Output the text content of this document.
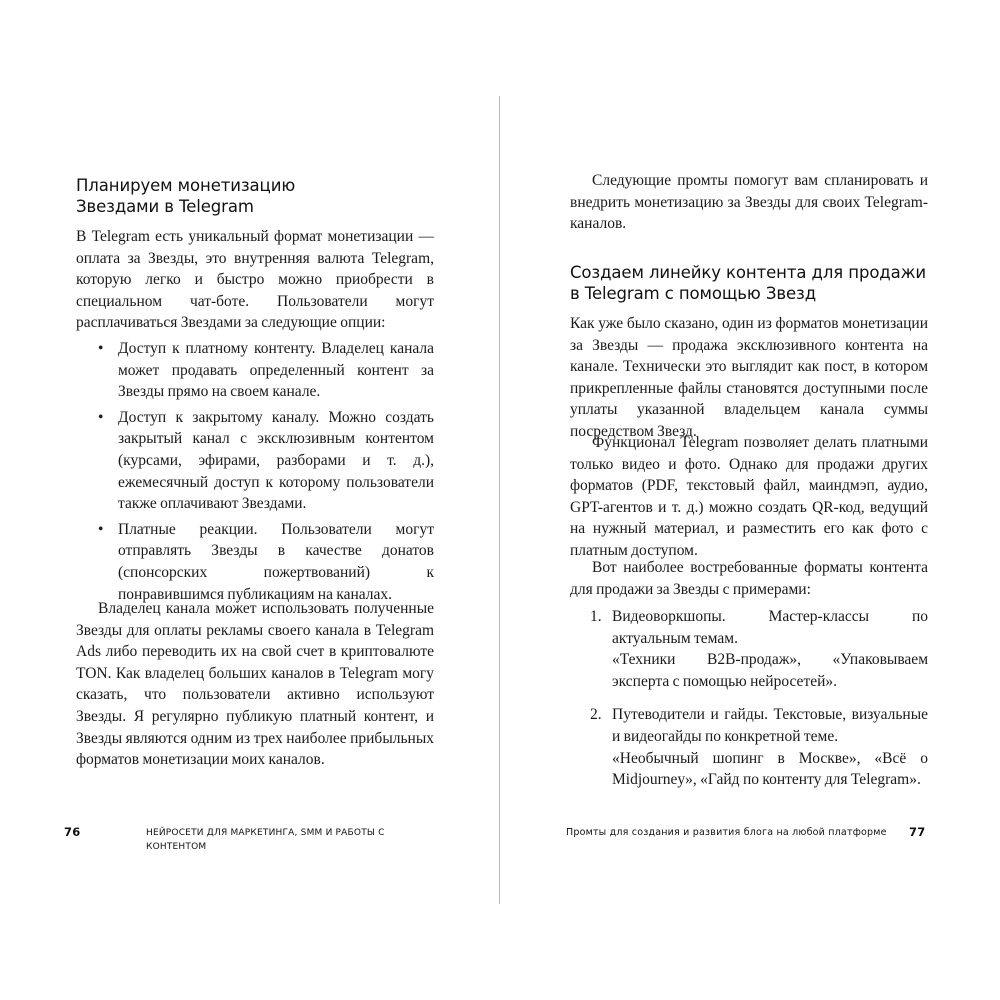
Планируем монетизацию
Звездами в Telegram

В Telegram есть уникальный формат монетизации — оплата за Звезды, это внутренняя валюта Telegram, которую легко и быстро можно приобрести в специальном чат-боте. Пользователи могут расплачиваться Звездами за следующие опции:

• Доступ к платному контенту. Владелец канала может продавать определенный контент за Звезды прямо на своем канале.
• Доступ к закрытому каналу. Можно создать закрытый канал с эксклюзивным контентом (курсами, эфирами, разборами и т. д.), ежемесячный доступ к которому пользователи также оплачивают Звездами.
• Платные реакции. Пользователи могут отправлять Звезды в качестве донатов (спонсорских пожертвований) к понравившимся публикациям на каналах.

Владелец канала может использовать полученные Звезды для оплаты рекламы своего канала в Telegram Ads либо переводить их на свой счет в криптовалюте TON. Как владелец больших каналов в Telegram могу сказать, что пользователи активно используют Звезды. Я регулярно публикую платный контент, и Звезды являются одним из трех наиболее прибыльных форматов монетизации моих каналов.

76	НЕЙРОСЕТИ ДЛЯ МАРКЕТИНГА, SMM И РАБОТЫ С КОНТЕНТОМ

Следующие промты помогут вам спланировать и внедрить монетизацию за Звезды для своих Telegram-каналов.

Создаем линейку контента для продажи
в Telegram с помощью Звезд

Как уже было сказано, один из форматов монетизации за Звезды — продажа эксклюзивного контента на канале. Технически это выглядит как пост, в котором прикрепленные файлы становятся доступными после уплаты указанной владельцем канала суммы посредством Звезд.

Функционал Telegram позволяет делать платными только видео и фото. Однако для продажи других форматов (PDF, текстовый файл, маиндмэп, аудио, GPT-агентов и т. д.) можно создать QR-код, ведущий на нужный материал, и разместить его как фото с платным доступом.

Вот наиболее востребованные форматы контента для продажи за Звезды с примерами:

1. Видеоворкшопы. Мастер-классы по актуальным темам.
«Техники B2B-продаж», «Упаковываем эксперта с помощью нейросетей».
2. Путеводители и гайды. Текстовые, визуальные и видеогайды по конкретной теме.
«Необычный шопинг в Москве», «Всё о Midjourney», «Гайд по контенту для Telegram».
Промты для создания и развития блога на любой платформе 77
